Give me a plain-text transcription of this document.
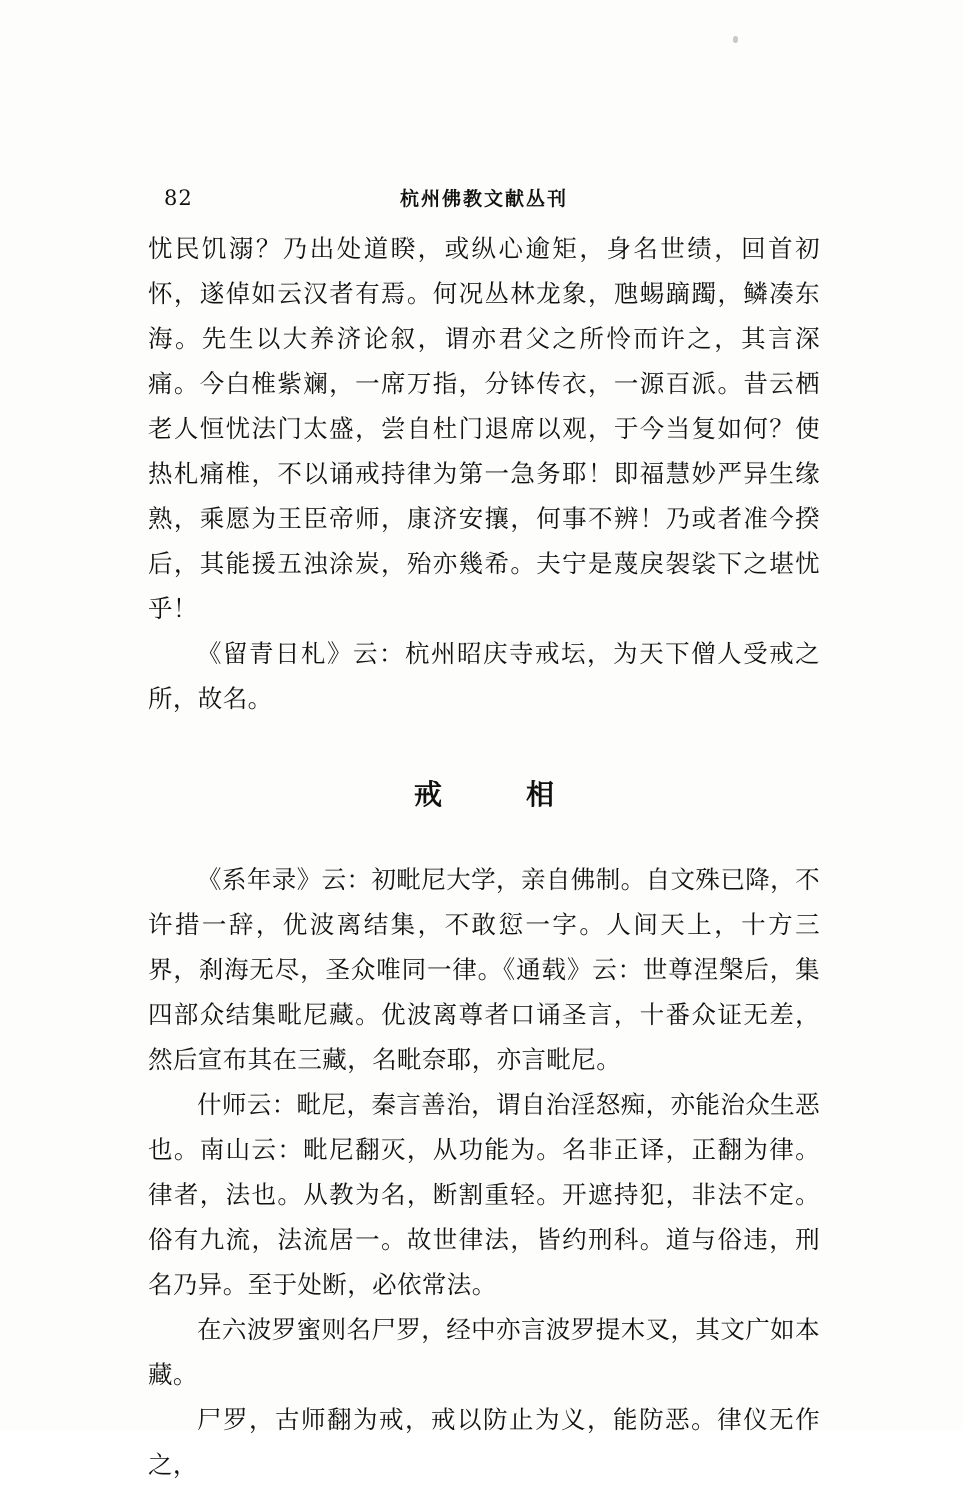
82	杭州佛教文献丛刊

忧民饥溺？乃出处道睽，或纵心逾矩，身名世绩，回首初怀，遂倬如云汉者有焉。何况丛林龙象，虺蜴蹢躅，鳞凑东海。先生以大养济论叙，谓亦君父之所怜而许之，其言深痛。今白椎紫斓，一席万指，分钵传衣，一源百派。昔云栖老人恒忧法门太盛，尝自杜门退席以观，于今当复如何？使热札痛椎，不以诵戒持律为第一急务耶！即福慧妙严异生缘熟，乘愿为王臣帝师，康济安攘，何事不辨！乃或者准今揆后，其能援五浊涂炭，殆亦幾希。夫宁是蔑戾袈裟下之堪忧乎！

《留青日札》云：杭州昭庆寺戒坛，为天下僧人受戒之所，故名。

戒　相

《系年录》云：初毗尼大学，亲自佛制。自文殊已降，不许措一辞，优波离结集，不敢愆一字。人间天上，十方三界，刹海无尽，圣众唯同一律。《通载》云：世尊涅槃后，集四部众结集毗尼藏。优波离尊者口诵圣言，十番众证无差，然后宣布其在三藏，名毗奈耶，亦言毗尼。

什师云：毗尼，秦言善治，谓自治淫怒痴，亦能治众生恶也。南山云：毗尼翻灭，从功能为。名非正译，正翻为律。律者，法也。从教为名，断割重轻。开遮持犯，非法不定。俗有九流，法流居一。故世律法，皆约刑科。道与俗违，刑名乃异。至于处断，必依常法。

在六波罗蜜则名尸罗，经中亦言波罗提木叉，其文广如本藏。

尸罗，古师翻为戒，戒以防止为义，能防恶。律仪无作之，
